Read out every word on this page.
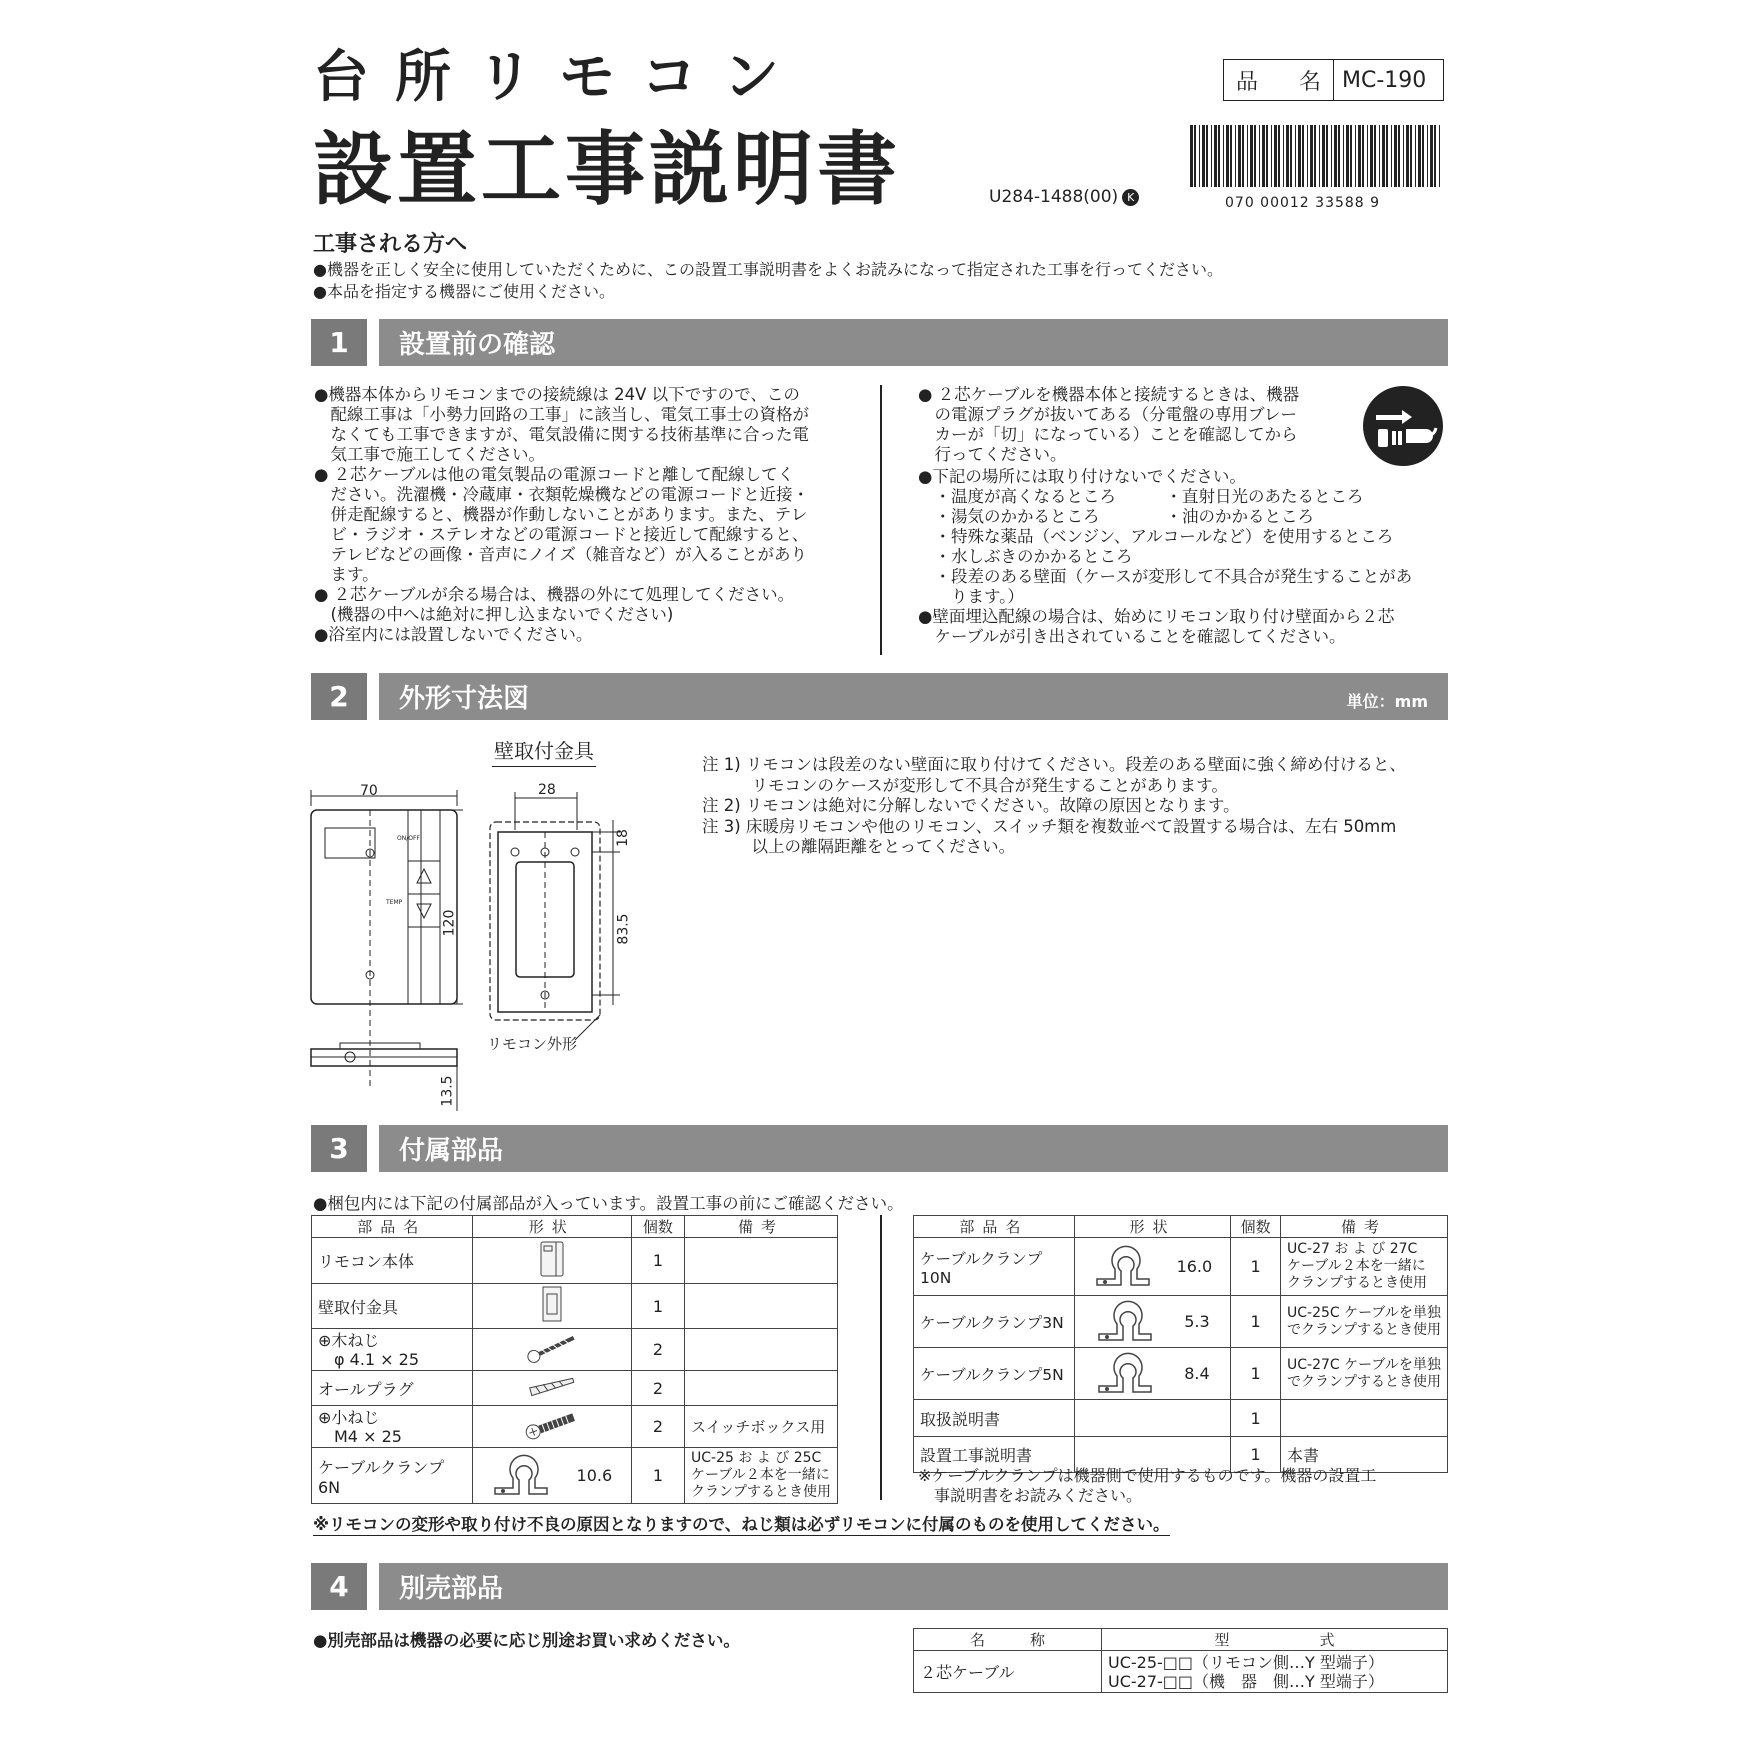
台所リモコン
設置工事説明書	U284-1488(00) K
品 名 MC-190
070 00012 33588 9
工事される方へ
●機器を正しく安全に使用していただくために、この設置工事説明書をよくお読みになって指定された工事を行ってください。
●本品を指定する機器にご使用ください。
1	設置前の確認
●機器本体からリモコンまでの接続線は 24V 以下ですので、この
　配線工事は「小勢力回路の工事」に該当し、電気工事士の資格が
　なくても工事できますが、電気設備に関する技術基準に合った電
　気工事で施工してください。
● ２芯ケーブルは他の電気製品の電源コードと離して配線してく
　ださい。洗濯機・冷蔵庫・衣類乾燥機などの電源コードと近接・
　併走配線すると、機器が作動しないことがあります。また、テレ
　ビ・ラジオ・ステレオなどの電源コードと接近して配線すると、
　テレビなどの画像・音声にノイズ（雑音など）が入ることがあり
　ます。
● ２芯ケーブルが余る場合は、機器の外にて処理してください。
　(機器の中へは絶対に押し込まないでください)
●浴室内には設置しないでください。
● ２芯ケーブルを機器本体と接続するときは、機器
　の電源プラグが抜いてある（分電盤の専用ブレー
　カーが「切」になっている）ことを確認してから
　行ってください。
●下記の場所には取り付けないでください。
　・温度が高くなるところ　　　・直射日光のあたるところ
　・湯気のかかるところ　　　　・油のかかるところ
　・特殊な薬品（ベンジン、アルコールなど）を使用するところ
　・水しぶきのかかるところ
　・段差のある壁面（ケースが変形して不具合が発生することがあ
　　ります。）
●壁面埋込配線の場合は、始めにリモコン取り付け壁面から２芯
　ケーブルが引き出されていることを確認してください。
2	外形寸法図	単位：mm
壁取付金具
70
ON/OFF
TEMP
120
13.5
28
18
83.5
リモコン外形
注 1) リモコンは段差のない壁面に取り付けてください。段差のある壁面に強く締め付けると、
　　　リモコンのケースが変形して不具合が発生することがあります。
注 2) リモコンは絶対に分解しないでください。故障の原因となります。
注 3) 床暖房リモコンや他のリモコン、スイッチ類を複数並べて設置する場合は、左右 50mm
　　　以上の離隔距離をとってください。
3	付属部品
●梱包内には下記の付属部品が入っています。設置工事の前にご確認ください。
部品名	形状	個数	備考
リモコン本体		1	
壁取付金具		1	
⊕木ねじ
　φ 4.1 × 25		2	
オールプラグ		2	
⊕小ねじ
　M4 × 25		2	スイッチボックス用
ケーブルクランプ6N	10.6	1	UC-25 お よ び 25C
ケーブル２本を一緒に
クランプするとき使用
部品名	形状	個数	備考
ケーブルクランプ10N	16.0	1	UC-27 お よ び 27C
ケーブル２本を一緒に
クランプするとき使用
ケーブルクランプ3N	5.3	1	UC-25C ケーブルを単独
でクランプするとき使用
ケーブルクランプ5N	8.4	1	UC-27C ケーブルを単独
でクランプするとき使用
取扱説明書		1	
設置工事説明書		1	本書
※ケーブルクランプは機器側で使用するものです。機器の設置工
　事説明書をお読みください。
※リモコンの変形や取り付け不良の原因となりますので、ねじ類は必ずリモコンに付属のものを使用してください。
4	別売部品
●別売部品は機器の必要に応じ別途お買い求めください。	名　　　称	型　　　　　　式
２芯ケーブル	UC-25-□□（リモコン側…Y 型端子）
UC-27-□□（機　器　側…Y 型端子）
